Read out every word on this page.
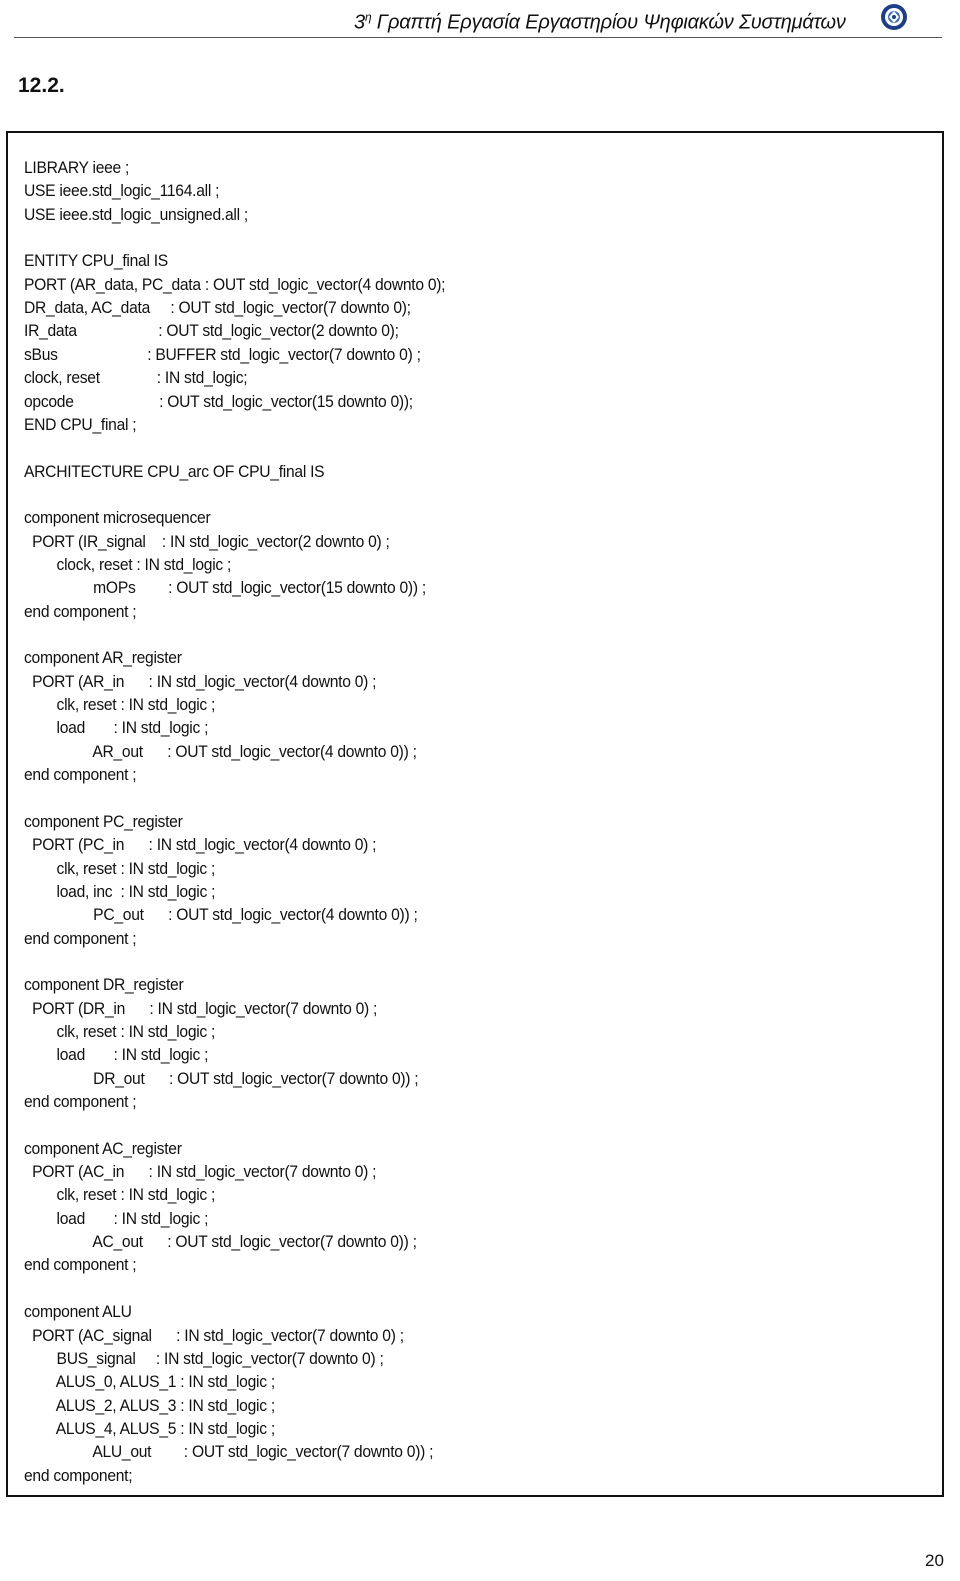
$3^\eta$ Γραπτή Εργασία Εργαστηρίου Ψηφιακών Συστημάτων
12.2.
LIBRARY ieee ;
USE ieee.std_logic_1164.all ;
USE ieee.std_logic_unsigned.all ;
ENTITY CPU_final IS
PORT (AR_data, PC_data : OUT std_logic_vector(4 downto 0);
DR_data, AC_data     : OUT std_logic_vector(7 downto 0);
IR_data                    : OUT std_logic_vector(2 downto 0);
sBus                      : BUFFER std_logic_vector(7 downto 0) ;
clock, reset              : IN std_logic;
opcode                     : OUT std_logic_vector(15 downto 0));
END CPU_final ;
ARCHITECTURE CPU_arc OF CPU_final IS
component microsequencer
PORT (IR_signal    : IN std_logic_vector(2 downto 0) ;
clock, reset : IN std_logic ;
mOPs        : OUT std_logic_vector(15 downto 0)) ;
end component ;
component AR_register
PORT (AR_in      : IN std_logic_vector(4 downto 0) ;
clk, reset : IN std_logic ;
load       : IN std_logic ;
AR_out      : OUT std_logic_vector(4 downto 0)) ;
end component ;
component PC_register
PORT (PC_in      : IN std_logic_vector(4 downto 0) ;
clk, reset : IN std_logic ;
load, inc  : IN std_logic ;
PC_out      : OUT std_logic_vector(4 downto 0)) ;
end component ;
component DR_register
PORT (DR_in      : IN std_logic_vector(7 downto 0) ;
clk, reset : IN std_logic ;
load       : IN std_logic ;
DR_out      : OUT std_logic_vector(7 downto 0)) ;
end component ;
component AC_register
PORT (AC_in      : IN std_logic_vector(7 downto 0) ;
clk, reset : IN std_logic ;
load       : IN std_logic ;
AC_out      : OUT std_logic_vector(7 downto 0)) ;
end component ;
component ALU
PORT (AC_signal      : IN std_logic_vector(7 downto 0) ;
BUS_signal     : IN std_logic_vector(7 downto 0) ;
ALUS_0, ALUS_1 : IN std_logic ;
ALUS_2, ALUS_3 : IN std_logic ;
ALUS_4, ALUS_5 : IN std_logic ;
ALU_out        : OUT std_logic_vector(7 downto 0)) ;
end component;
20
